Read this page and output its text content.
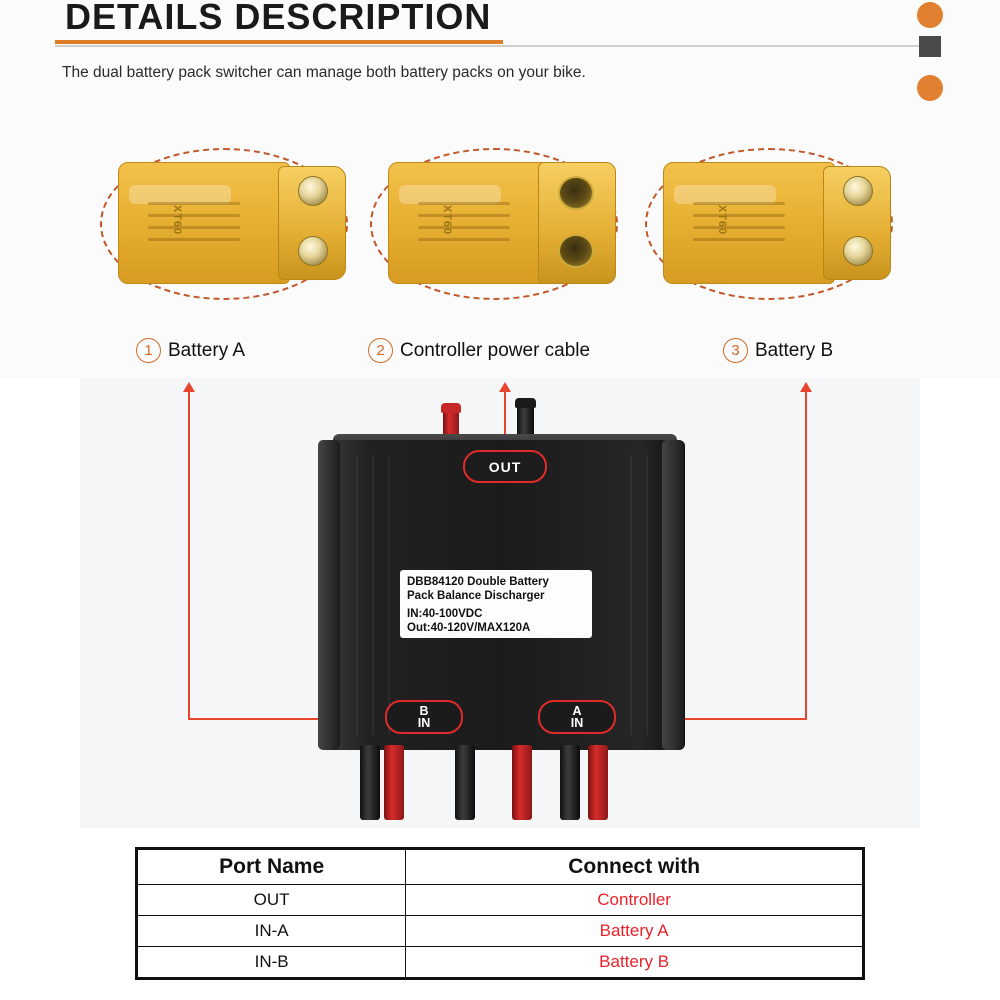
DETAILS DESCRIPTION
The dual battery pack switcher can manage both battery packs on your bike.
XT60	XT60	XT60
1 Battery A	2 Controller power cable	3 Battery B
OUT
DBB84120 Double Battery
Pack Balance Discharger
IN:40-100VDC
Out:40-120V/MAX120A
B
IN
A
IN
Port Name	Connect with
OUT	Controller
IN-A	Battery A
IN-B	Battery B
